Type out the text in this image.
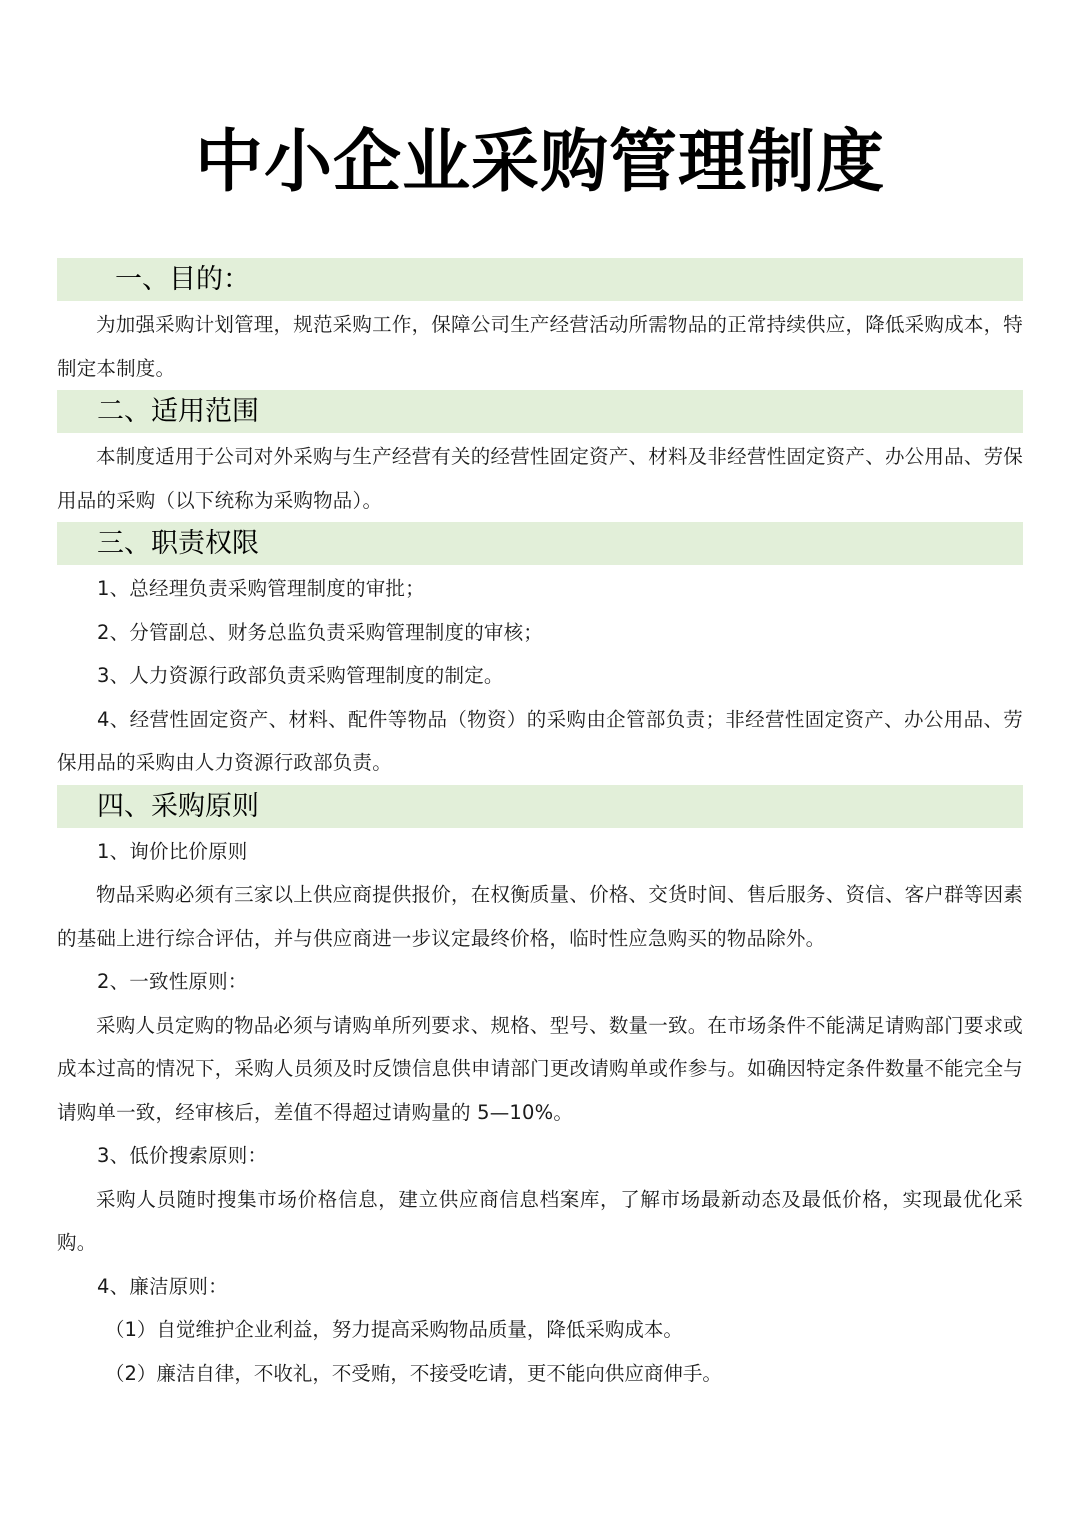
中小企业采购管理制度
一、目的：

为加强采购计划管理，规范采购工作，保障公司生产经营活动所需物品的正常持续供应，降低采购成本，特制定本制度。

二、适用范围

本制度适用于公司对外采购与生产经营有关的经营性固定资产、材料及非经营性固定资产、办公用品、劳保用品的采购（以下统称为采购物品）。

三、职责权限

1、总经理负责采购管理制度的审批；

2、分管副总、财务总监负责采购管理制度的审核；

3、人力资源行政部负责采购管理制度的制定。

4、经营性固定资产、材料、配件等物品（物资）的采购由企管部负责；非经营性固定资产、办公用品、劳保用品的采购由人力资源行政部负责。

四、采购原则

1、询价比价原则

物品采购必须有三家以上供应商提供报价，在权衡质量、价格、交货时间、售后服务、资信、客户群等因素的基础上进行综合评估，并与供应商进一步议定最终价格，临时性应急购买的物品除外。

2、一致性原则：

采购人员定购的物品必须与请购单所列要求、规格、型号、数量一致。在市场条件不能满足请购部门要求或成本过高的情况下，采购人员须及时反馈信息供申请部门更改请购单或作参与。如确因特定条件数量不能完全与请购单一致，经审核后，差值不得超过请购量的 5—10%。

3、低价搜索原则：

采购人员随时搜集市场价格信息，建立供应商信息档案库，了解市场最新动态及最低价格，实现最优化采购。

4、廉洁原则：

（1）自觉维护企业利益，努力提高采购物品质量，降低采购成本。

（2）廉洁自律，不收礼，不受贿，不接受吃请，更不能向供应商伸手。
